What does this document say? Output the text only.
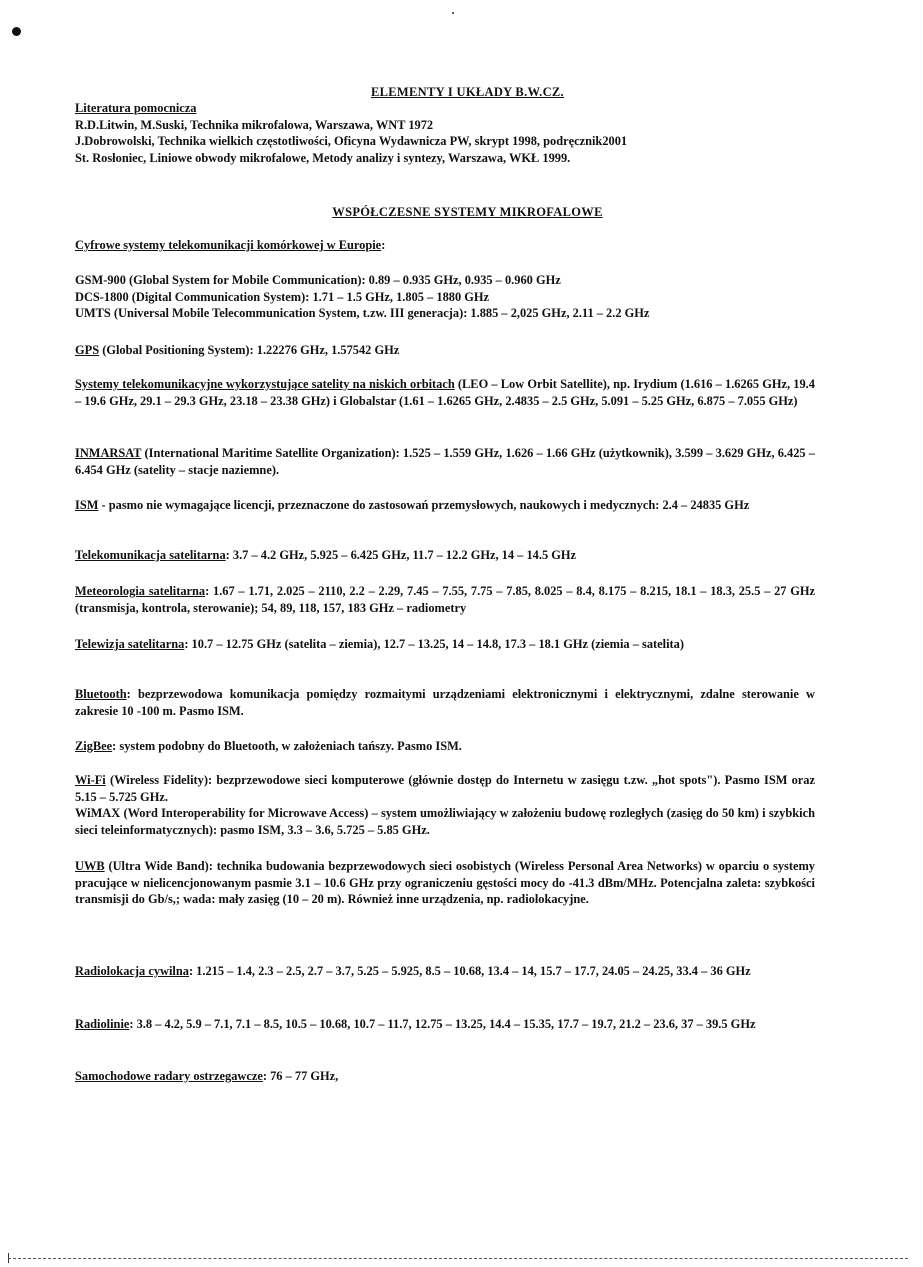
ELEMENTY I UKŁADY B.W.CZ.
Literatura pomocnicza
R.D.Litwin, M.Suski, Technika mikrofalowa, Warszawa, WNT 1972
J.Dobrowolski, Technika wielkich częstotliwości, Oficyna Wydawnicza PW, skrypt 1998, podręcznik2001
St. Rosłoniec, Liniowe obwody mikrofalowe, Metody analizy i syntezy, Warszawa, WKŁ 1999.
WSPÓŁCZESNE SYSTEMY MIKROFALOWE
Cyfrowe systemy telekomunikacji komórkowej w Europie:
GSM-900 (Global System for Mobile Communication): 0.89 – 0.935 GHz, 0.935 – 0.960 GHz
DCS-1800 (Digital Communication System): 1.71 – 1.5 GHz, 1.805 – 1880 GHz
UMTS (Universal Mobile Telecommunication System, t.zw. III generacja): 1.885 – 2,025 GHz, 2.11 – 2.2 GHz
GPS (Global Positioning System): 1.22276 GHz, 1.57542 GHz
Systemy telekomunikacyjne wykorzystujące satelity na niskich orbitach (LEO – Low Orbit Satellite), np. Irydium (1.616 – 1.6265 GHz, 19.4 – 19.6 GHz, 29.1 – 29.3 GHz, 23.18 – 23.38 GHz) i Globalstar (1.61 – 1.6265 GHz, 2.4835 – 2.5 GHz, 5.091 – 5.25 GHz, 6.875 – 7.055 GHz)
INMARSAT (International Maritime Satellite Organization): 1.525 – 1.559 GHz, 1.626 – 1.66 GHz (użytkownik), 3.599 – 3.629 GHz, 6.425 – 6.454 GHz (satelity – stacje naziemne).
ISM - pasmo nie wymagające licencji, przeznaczone do zastosowań przemysłowych, naukowych i medycznych: 2.4 – 24835 GHz
Telekomunikacja satelitarna: 3.7 – 4.2 GHz, 5.925 – 6.425 GHz, 11.7 – 12.2 GHz, 14 – 14.5 GHz
Meteorologia satelitarna: 1.67 – 1.71, 2.025 – 2110, 2.2 – 2.29, 7.45 – 7.55, 7.75 – 7.85, 8.025 – 8.4, 8.175 – 8.215, 18.1 – 18.3, 25.5 – 27 GHz (transmisja, kontrola, sterowanie); 54, 89, 118, 157, 183 GHz – radiometry
Telewizja satelitarna: 10.7 – 12.75 GHz (satelita – ziemia), 12.7 – 13.25, 14 – 14.8, 17.3 – 18.1 GHz (ziemia – satelita)
Bluetooth: bezprzewodowa komunikacja pomiędzy rozmaitymi urządzeniami elektronicznymi i elektrycznymi, zdalne sterowanie w zakresie 10 -100 m. Pasmo ISM.
ZigBee: system podobny do Bluetooth, w założeniach tańszy. Pasmo ISM.
Wi-Fi (Wireless Fidelity): bezprzewodowe sieci komputerowe (głównie dostęp do Internetu w zasięgu t.zw. „hot spots"). Pasmo ISM oraz 5.15 – 5.725 GHz.
WiMAX (Word Interoperability for Microwave Access) – system umożliwiający w założeniu budowę rozległych (zasięg do 50 km) i szybkich sieci teleinformatycznych): pasmo ISM, 3.3 – 3.6, 5.725 – 5.85 GHz.
UWB (Ultra Wide Band): technika budowania bezprzewodowych sieci osobistych (Wireless Personal Area Networks) w oparciu o systemy pracujące w nielicencjonowanym pasmie 3.1 – 10.6 GHz przy ograniczeniu gęstości mocy do -41.3 dBm/MHz. Potencjalna zaleta: szybkości transmisji do Gb/s,; wada: mały zasięg (10 – 20 m). Również inne urządzenia, np. radiolokacyjne.
Radiolokacja cywilna: 1.215 – 1.4, 2.3 – 2.5, 2.7 – 3.7, 5.25 – 5.925, 8.5 – 10.68, 13.4 – 14, 15.7 – 17.7, 24.05 – 24.25, 33.4 – 36 GHz
Radiolinie: 3.8 – 4.2, 5.9 – 7.1, 7.1 – 8.5, 10.5 – 10.68, 10.7 – 11.7, 12.75 – 13.25, 14.4 – 15.35, 17.7 – 19.7, 21.2 – 23.6, 37 – 39.5 GHz
Samochodowe radary ostrzegawcze: 76 – 77 GHz,
